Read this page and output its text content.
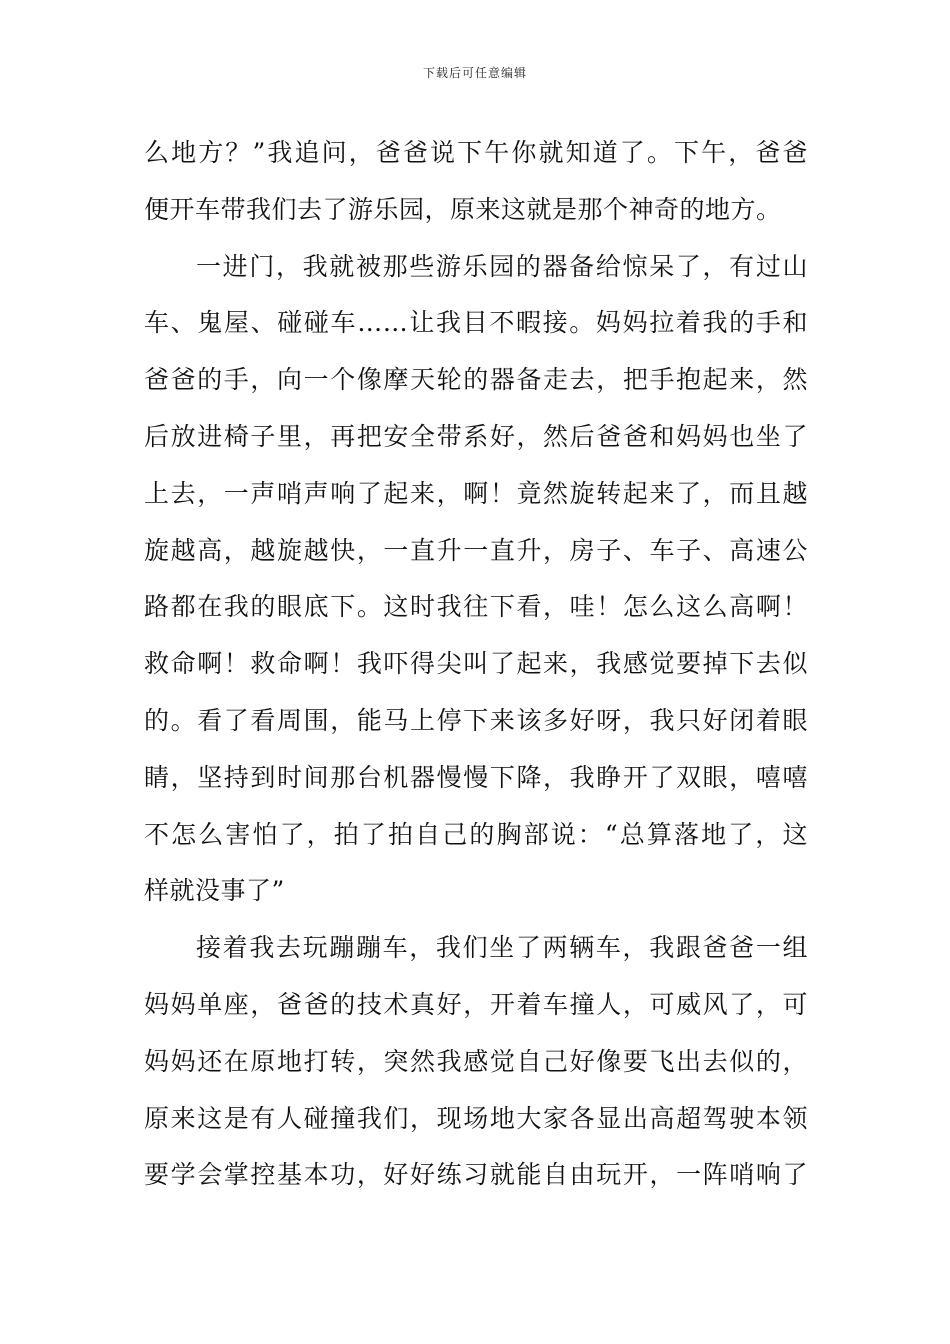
下载后可任意编辑
么地方？”我追问，爸爸说下午你就知道了。下午，爸爸
便开车带我们去了游乐园，原来这就是那个神奇的地方。
一进门，我就被那些游乐园的器备给惊呆了，有过山
车、鬼屋、碰碰车……让我目不暇接。妈妈拉着我的手和
爸爸的手，向一个像摩天轮的器备走去，把手抱起来，然
后放进椅子里，再把安全带系好，然后爸爸和妈妈也坐了
上去，一声哨声响了起来，啊！竟然旋转起来了，而且越
旋越高，越旋越快，一直升一直升，房子、车子、高速公
路都在我的眼底下。这时我往下看，哇！怎么这么高啊！
救命啊！救命啊！我吓得尖叫了起来，我感觉要掉下去似
的。看了看周围，能马上停下来该多好呀，我只好闭着眼
睛，坚持到时间那台机器慢慢下降，我睁开了双眼，嘻嘻
不怎么害怕了，拍了拍自己的胸部说：“总算落地了，这
样就没事了”
接着我去玩蹦蹦车，我们坐了两辆车，我跟爸爸一组
妈妈单座，爸爸的技术真好，开着车撞人，可威风了，可
妈妈还在原地打转，突然我感觉自己好像要飞出去似的，
原来这是有人碰撞我们，现场地大家各显出高超驾驶本领
要学会掌控基本功，好好练习就能自由玩开，一阵哨响了
